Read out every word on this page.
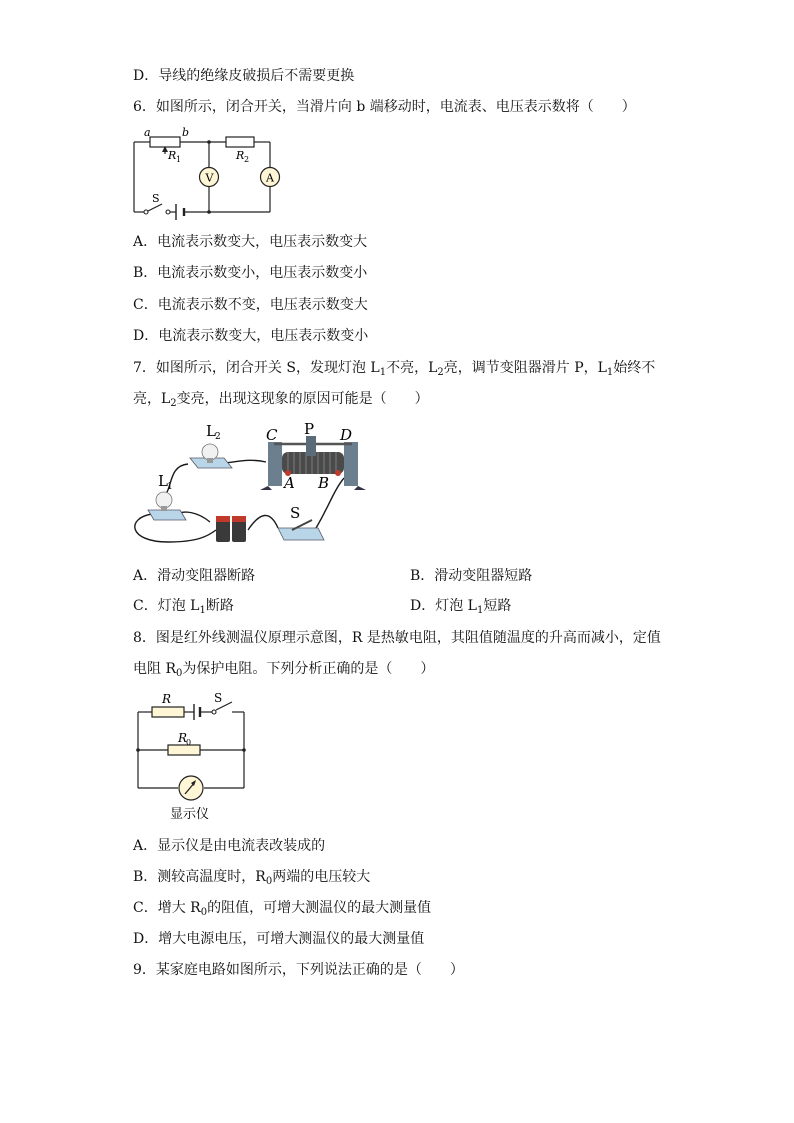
D．导线的绝缘皮破损后不需要更换
6．如图所示，闭合开关，当滑片向 b 端移动时，电流表、电压表示数将（　　）
V	A
a	b
R 1	R 2
S
A．电流表示数变大，电压表示数变大
B．电流表示数变小，电压表示数变小
C．电流表示数不变，电压表示数变大
D．电流表示数变大，电压表示数变小
7．如图所示，闭合开关 S，发现灯泡 $L_1$不亮，$L_2$亮，调节变阻器滑片 P，$L_1$始终不
亮，$L_2$变亮，出现这现象的原因可能是（　　）
L 2
L 1
C P D
A B
S
A．滑动变阻器断路	B．滑动变阻器短路
C．灯泡 $L_1$断路	D．灯泡 $L_1$短路
8．图是红外线测温仪原理示意图，R 是热敏电阻，其阻值随温度的升高而减小，定值
电阻 $R_0$为保护电阻。下列分析正确的是（　　）
R	S
R
0
显示仪
A．显示仪是由电流表改装成的
B．测较高温度时，$R_0$两端的电压较大
C．增大 $R_0$的阻值，可增大测温仪的最大测量值
D．增大电源电压，可增大测温仪的最大测量值
9．某家庭电路如图所示，下列说法正确的是（　　）
